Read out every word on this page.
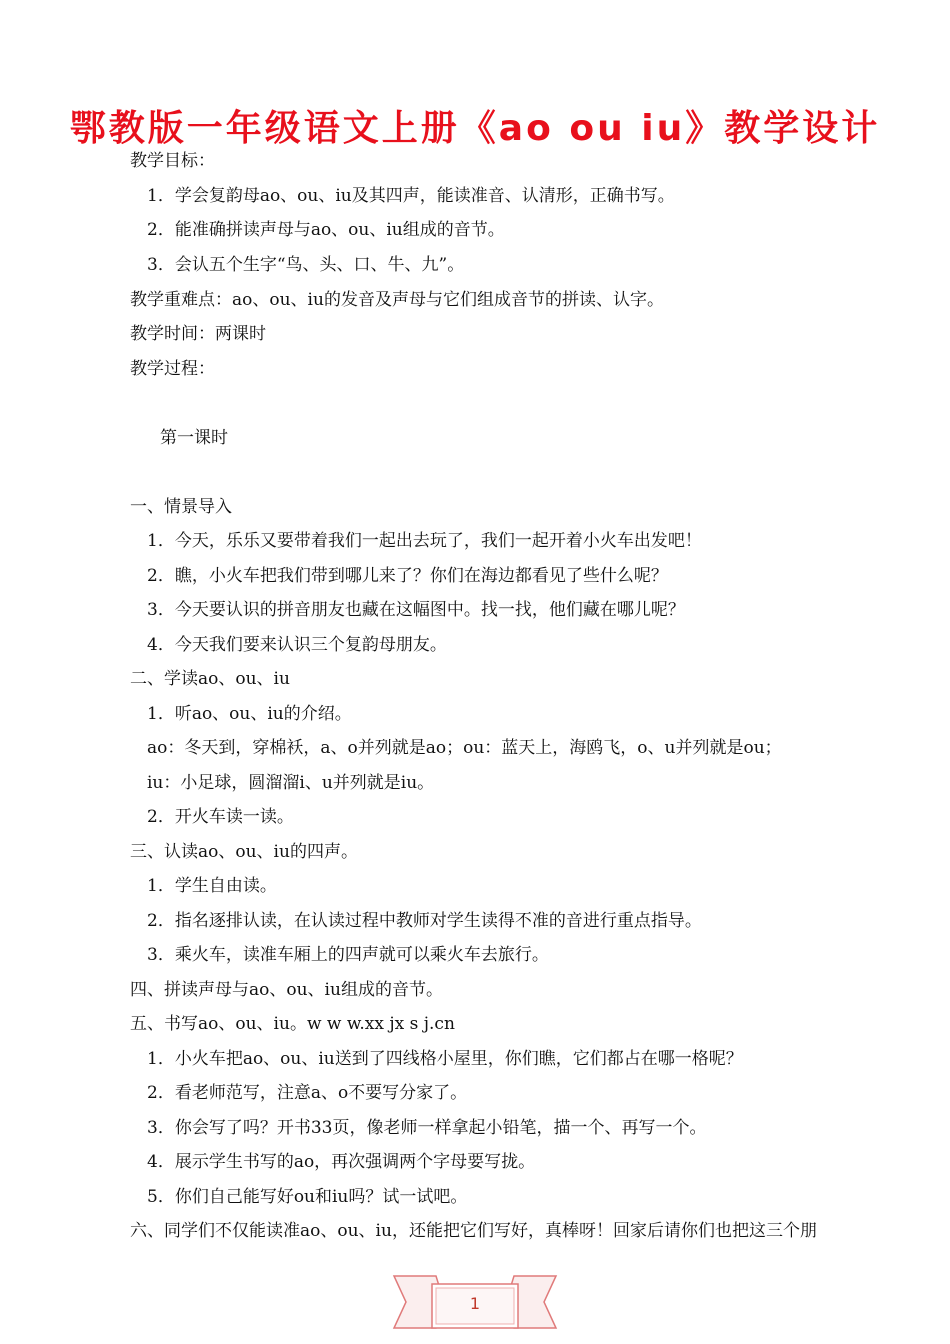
鄂教版一年级语文上册《ao ou iu》教学设计

教学目标：

1．学会复韵母ao、ou、iu及其四声，能读准音、认清形，正确书写。

2．能准确拼读声母与ao、ou、iu组成的音节。

3．会认五个生字“鸟、头、口、牛、九”。

教学重难点：ao、ou、iu的发音及声母与它们组成音节的拼读、认字。

教学时间：两课时

教学过程：

第一课时

一、情景导入

1．今天，乐乐又要带着我们一起出去玩了，我们一起开着小火车出发吧！

2．瞧，小火车把我们带到哪儿来了？你们在海边都看见了些什么呢？

3．今天要认识的拼音朋友也藏在这幅图中。找一找，他们藏在哪儿呢？

4．今天我们要来认识三个复韵母朋友。

二、学读ao、ou、iu

1．听ao、ou、iu的介绍。

ao：冬天到，穿棉袄，a、o并列就是ao；ou：蓝天上，海鸥飞，o、u并列就是ou；

iu：小足球，圆溜溜i、u并列就是iu。

2．开火车读一读。

三、认读ao、ou、iu的四声。

1．学生自由读。

2．指名逐排认读，在认读过程中教师对学生读得不准的音进行重点指导。

3．乘火车，读准车厢上的四声就可以乘火车去旅行。

四、拼读声母与ao、ou、iu组成的音节。

五、书写ao、ou、iu。w w w.xx jx s j.cn

1．小火车把ao、ou、iu送到了四线格小屋里，你们瞧，它们都占在哪一格呢？

2．看老师范写，注意a、o不要写分家了。

3．你会写了吗？开书33页，像老师一样拿起小铅笔，描一个、再写一个。

4．展示学生书写的ao，再次强调两个字母要写拢。

5．你们自己能写好ou和iu吗？试一试吧。

六、同学们不仅能读准ao、ou、iu，还能把它们写好，真棒呀！回家后请你们也把这三个朋

1
